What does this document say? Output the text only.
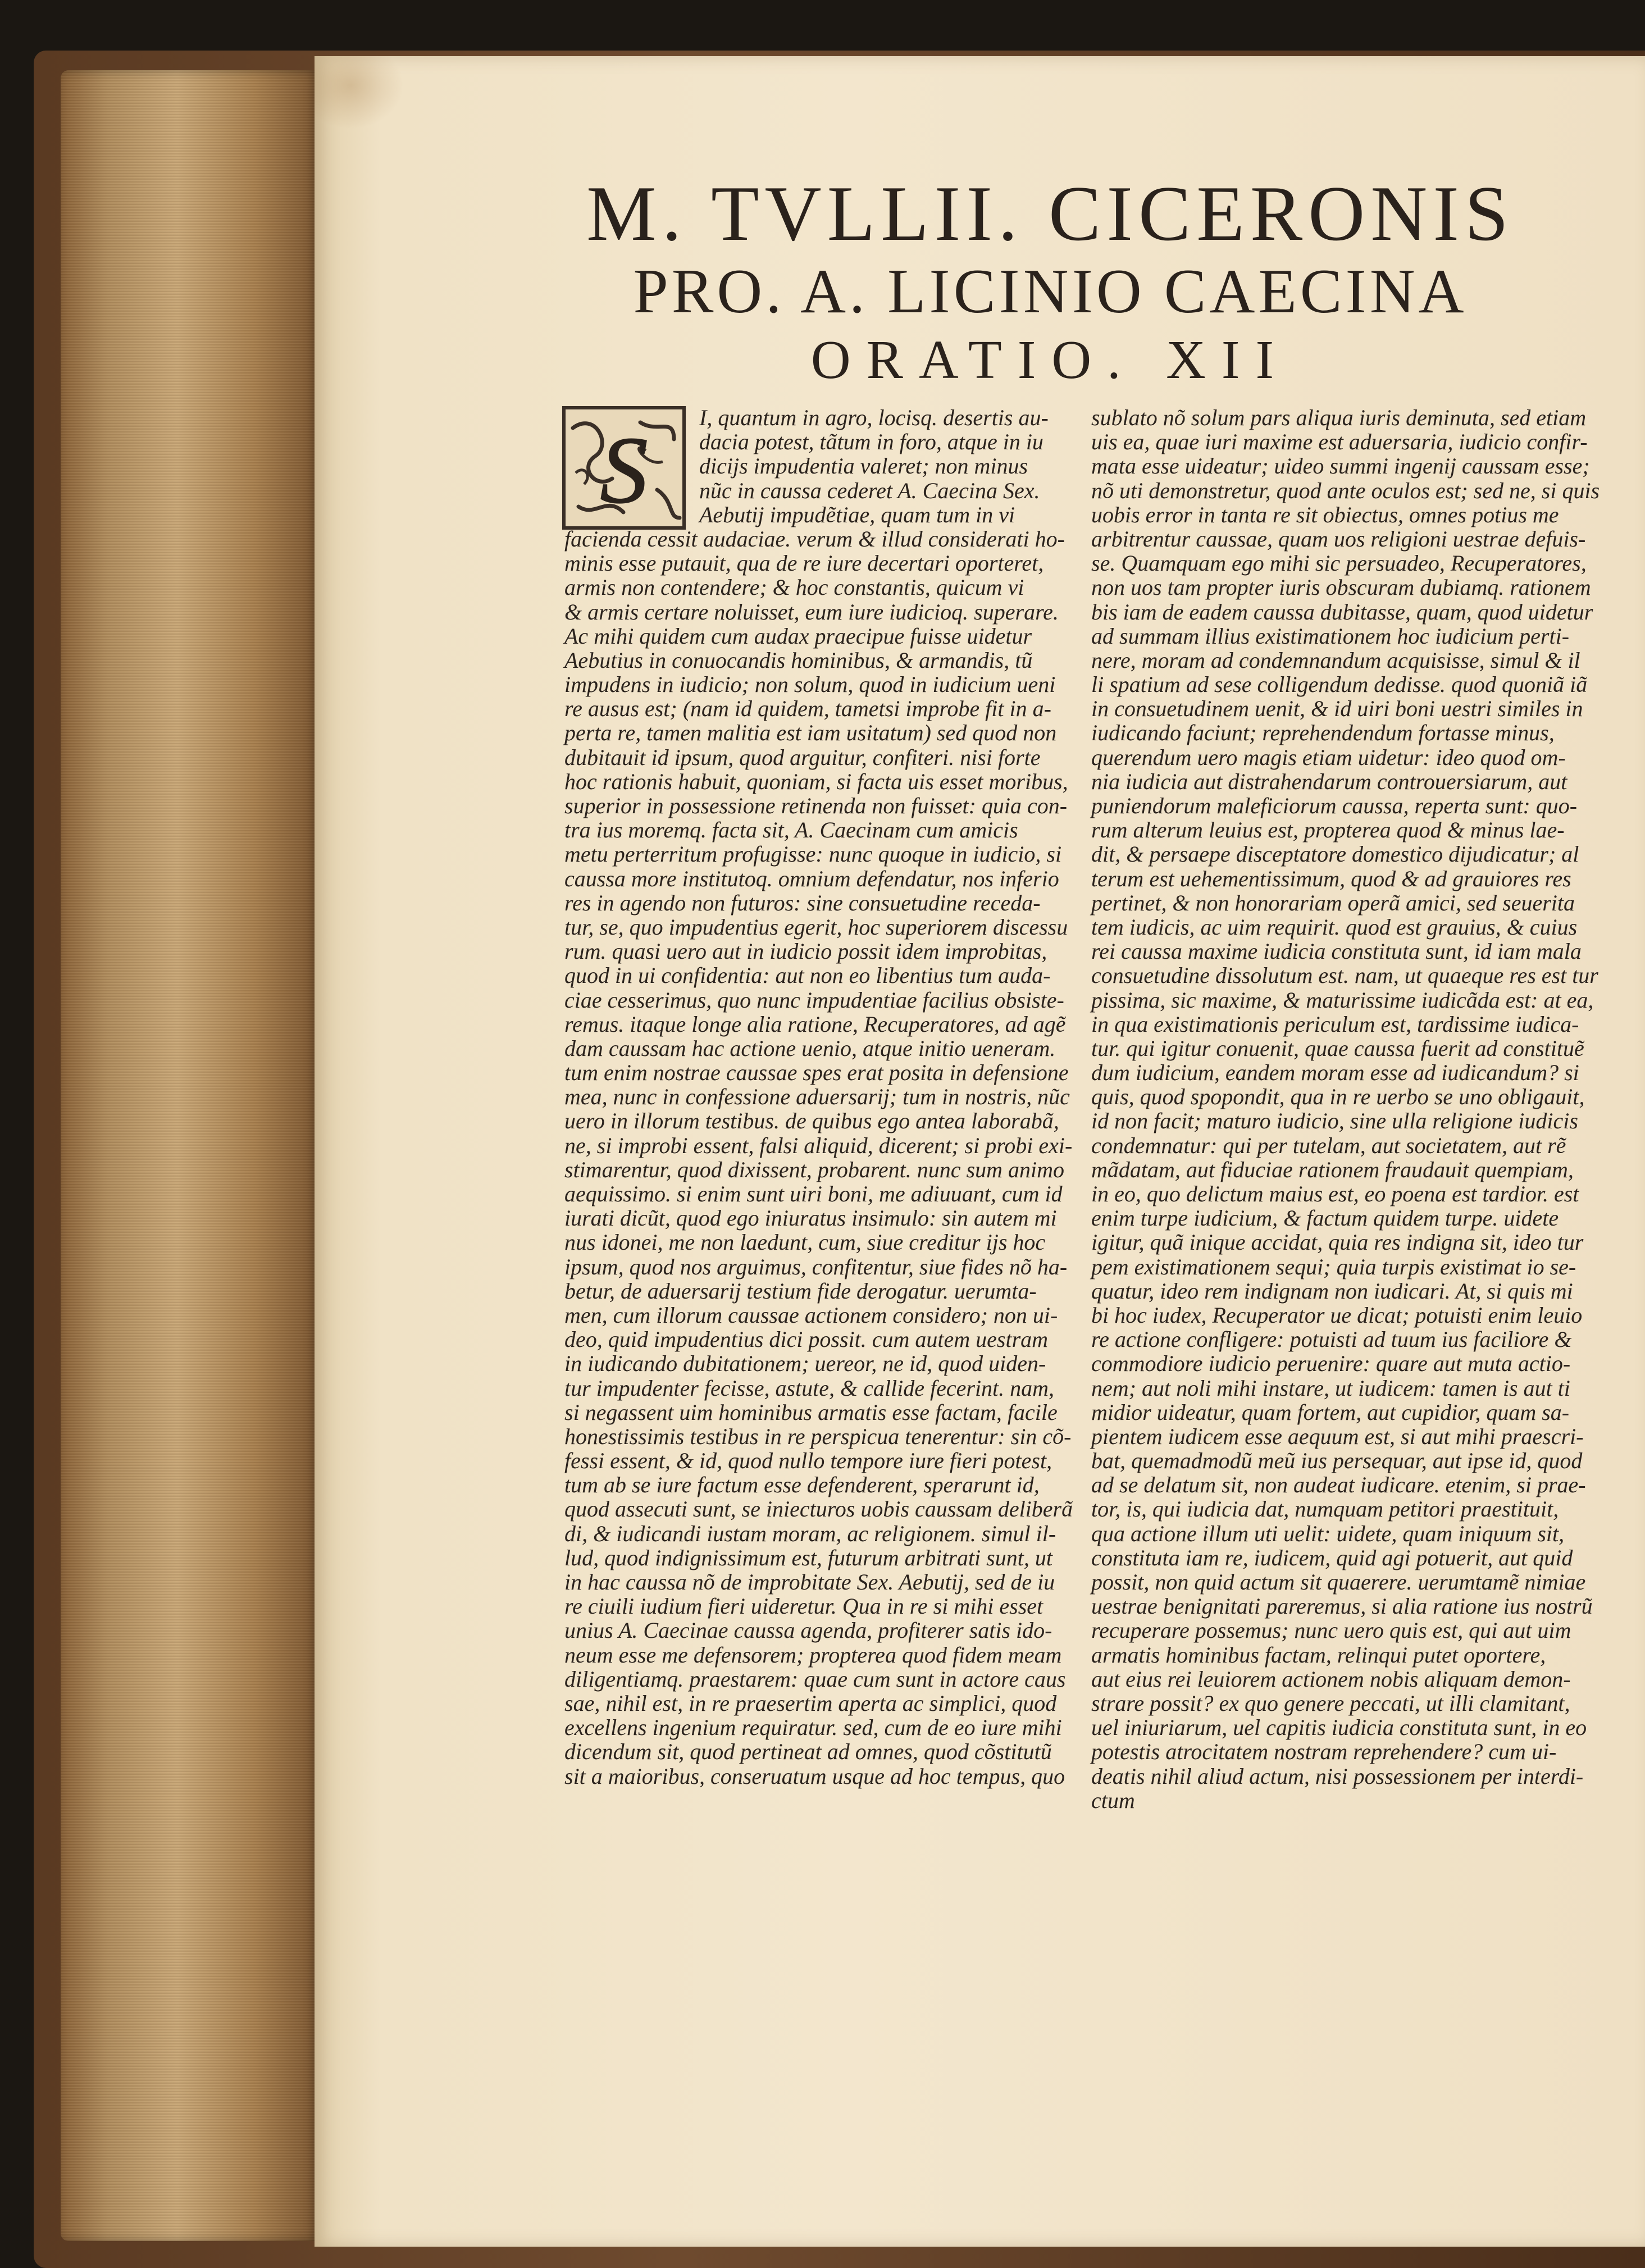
M. TVLLII. CICERONIS
PRO. A. LICINIO CAECINA
ORATIO. XII
S	I, quantum in agro, locisq. desertis au-
dacia potest, tãtum in foro, atque in iu
dicijs impudentia valeret; non minus
nũc in caussa cederet A. Caecina Sex.
Aebutij impudẽtiae, quam tum in vi
facienda cessit audaciae. verum & illud considerati ho-
minis esse putauit, qua de re iure decertari oporteret,
armis non contendere; & hoc constantis, quicum vi
& armis certare noluisset, eum iure iudicioq. superare.
Ac mihi quidem cum audax praecipue fuisse uidetur
Aebutius in conuocandis hominibus, & armandis, tũ
impudens in iudicio; non solum, quod in iudicium ueni
re ausus est; (nam id quidem, tametsi improbe fit in a-
perta re, tamen malitia est iam usitatum) sed quod non
dubitauit id ipsum, quod arguitur, confiteri. nisi forte
hoc rationis habuit, quoniam, si facta uis esset moribus,
superior in possessione retinenda non fuisset: quia con-
tra ius moremq. facta sit, A. Caecinam cum amicis
metu perterritum profugisse: nunc quoque in iudicio, si
caussa more institutoq. omnium defendatur, nos inferio
res in agendo non futuros: sine consuetudine receda-
tur, se, quo impudentius egerit, hoc superiorem discessu
rum. quasi uero aut in iudicio possit idem improbitas,
quod in ui confidentia: aut non eo libentius tum auda-
ciae cesserimus, quo nunc impudentiae facilius obsiste-
remus. itaque longe alia ratione, Recuperatores, ad agẽ
dam caussam hac actione uenio, atque initio ueneram.
tum enim nostrae caussae spes erat posita in defensione
mea, nunc in confessione aduersarij; tum in nostris, nũc
uero in illorum testibus. de quibus ego antea laborabã,
ne, si improbi essent, falsi aliquid, dicerent; si probi exi-
stimarentur, quod dixissent, probarent. nunc sum animo
aequissimo. si enim sunt uiri boni, me adiuuant, cum id
iurati dicũt, quod ego iniuratus insimulo: sin autem mi
nus idonei, me non laedunt, cum, siue creditur ijs hoc
ipsum, quod nos arguimus, confitentur, siue fides nõ ha-
betur, de aduersarij testium fide derogatur. uerumta-
men, cum illorum caussae actionem considero; non ui-
deo, quid impudentius dici possit. cum autem uestram
in iudicando dubitationem; uereor, ne id, quod uiden-
tur impudenter fecisse, astute, & callide fecerint. nam,
si negassent uim hominibus armatis esse factam, facile
honestissimis testibus in re perspicua tenerentur: sin cõ-
fessi essent, & id, quod nullo tempore iure fieri potest,
tum ab se iure factum esse defenderent, sperarunt id,
quod assecuti sunt, se iniecturos uobis caussam deliberã
di, & iudicandi iustam moram, ac religionem. simul il-
lud, quod indignissimum est, futurum arbitrati sunt, ut
in hac caussa nõ de improbitate Sex. Aebutij, sed de iu
re ciuili iudium fieri uideretur. Qua in re si mihi esset
unius A. Caecinae caussa agenda, profiterer satis ido-
neum esse me defensorem; propterea quod fidem meam
diligentiamq. praestarem: quae cum sunt in actore caus
sae, nihil est, in re praesertim aperta ac simplici, quod
excellens ingenium requiratur. sed, cum de eo iure mihi
dicendum sit, quod pertineat ad omnes, quod cõstitutũ
sit a maioribus, conseruatum usque ad hoc tempus, quo
sublato nõ solum pars aliqua iuris deminuta, sed etiam
uis ea, quae iuri maxime est aduersaria, iudicio confir-
mata esse uideatur; uideo summi ingenij caussam esse;
nõ uti demonstretur, quod ante oculos est; sed ne, si quis
uobis error in tanta re sit obiectus, omnes potius me
arbitrentur caussae, quam uos religioni uestrae defuis-
se. Quamquam ego mihi sic persuadeo, Recuperatores,
non uos tam propter iuris obscuram dubiamq. rationem
bis iam de eadem caussa dubitasse, quam, quod uidetur
ad summam illius existimationem hoc iudicium perti-
nere, moram ad condemnandum acquisisse, simul & il
li spatium ad sese colligendum dedisse. quod quoniã iã
in consuetudinem uenit, & id uiri boni uestri similes in
iudicando faciunt; reprehendendum fortasse minus,
querendum uero magis etiam uidetur: ideo quod om-
nia iudicia aut distrahendarum controuersiarum, aut
puniendorum maleficiorum caussa, reperta sunt: quo-
rum alterum leuius est, propterea quod & minus lae-
dit, & persaepe disceptatore domestico dijudicatur; al
terum est uehementissimum, quod & ad grauiores res
pertinet, & non honorariam operã amici, sed seuerita
tem iudicis, ac uim requirit. quod est grauius, & cuius
rei caussa maxime iudicia constituta sunt, id iam mala
consuetudine dissolutum est. nam, ut quaeque res est tur
pissima, sic maxime, & maturissime iudicãda est: at ea,
in qua existimationis periculum est, tardissime iudica-
tur. qui igitur conuenit, quae caussa fuerit ad constituẽ
dum iudicium, eandem moram esse ad iudicandum? si
quis, quod spopondit, qua in re uerbo se uno obligauit,
id non facit; maturo iudicio, sine ulla religione iudicis
condemnatur: qui per tutelam, aut societatem, aut rẽ
mãdatam, aut fiduciae rationem fraudauit quempiam,
in eo, quo delictum maius est, eo poena est tardior. est
enim turpe iudicium, & factum quidem turpe. uidete
igitur, quã inique accidat, quia res indigna sit, ideo tur
pem existimationem sequi; quia turpis existimat io se-
quatur, ideo rem indignam non iudicari. At, si quis mi
bi hoc iudex, Recuperator ue dicat; potuisti enim leuio
re actione confligere: potuisti ad tuum ius faciliore &
commodiore iudicio peruenire: quare aut muta actio-
nem; aut noli mihi instare, ut iudicem: tamen is aut ti
midior uideatur, quam fortem, aut cupidior, quam sa-
pientem iudicem esse aequum est, si aut mihi praescri-
bat, quemadmodũ meũ ius persequar, aut ipse id, quod
ad se delatum sit, non audeat iudicare. etenim, si prae-
tor, is, qui iudicia dat, numquam petitori praestituit,
qua actione illum uti uelit: uidete, quam iniquum sit,
constituta iam re, iudicem, quid agi potuerit, aut quid
possit, non quid actum sit quaerere. uerumtamẽ nimiae
uestrae benignitati pareremus, si alia ratione ius nostrũ
recuperare possemus; nunc uero quis est, qui aut uim
armatis hominibus factam, relinqui putet oportere,
aut eius rei leuiorem actionem nobis aliquam demon-
strare possit? ex quo genere peccati, ut illi clamitant,
uel iniuriarum, uel capitis iudicia constituta sunt, in eo
potestis atrocitatem nostram reprehendere? cum ui-
deatis nihil aliud actum, nisi possessionem per interdi-
ctum
